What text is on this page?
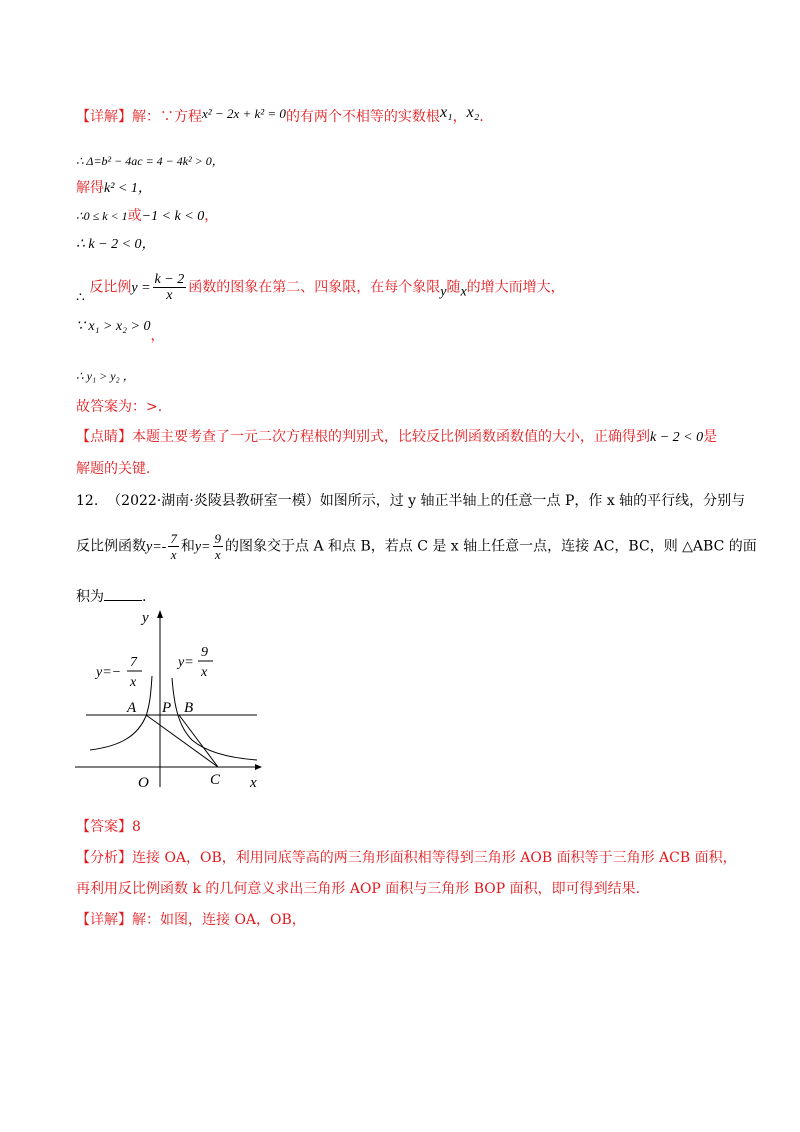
【详解】解：∵方程x² − 2x + k² = 0的有两个不相等的实数根x₁，x₂.
∴ Δ=b² − 4ac = 4 − 4k² > 0，
解得k² < 1，
∴0 ≤ k < 1或−1 < k < 0，
∴ k − 2 < 0，
∴ 反比例$y = \frac{k - 2}{x}$ 函数的图象在第二、四象限，在每个象限y随x的增大而增大，
∵ x₁ > x₂ > 0，
∴ y₁ > y₂ ，
故答案为：>.
【点睛】本题主要考查了一元二次方程根的判别式，比较反比例函数函数值的大小，正确得到k − 2 < 0是
解题的关键.
12. （2022·湖南·炎陵县教研室一模）如图所示，过 y 轴正半轴上的任意一点 P，作 x 轴的平行线，分别与
反比例函数$y=- \frac{7}{x}$ 和$y= \frac{9}{x}$ 的图象交于点 A 和点 B，若点 C 是 x 轴上任意一点，连接 AC，BC，则 △ABC 的面
积为	.
y
x
O
A P B
C
y=−
7
x
y=
9
x
【答案】8
【分析】连接 OA，OB，利用同底等高的两三角形面积相等得到三角形 AOB 面积等于三角形 ACB 面积，
再利用反比例函数 k 的几何意义求出三角形 AOP 面积与三角形 BOP 面积，即可得到结果.
【详解】解：如图，连接 OA，OB，
